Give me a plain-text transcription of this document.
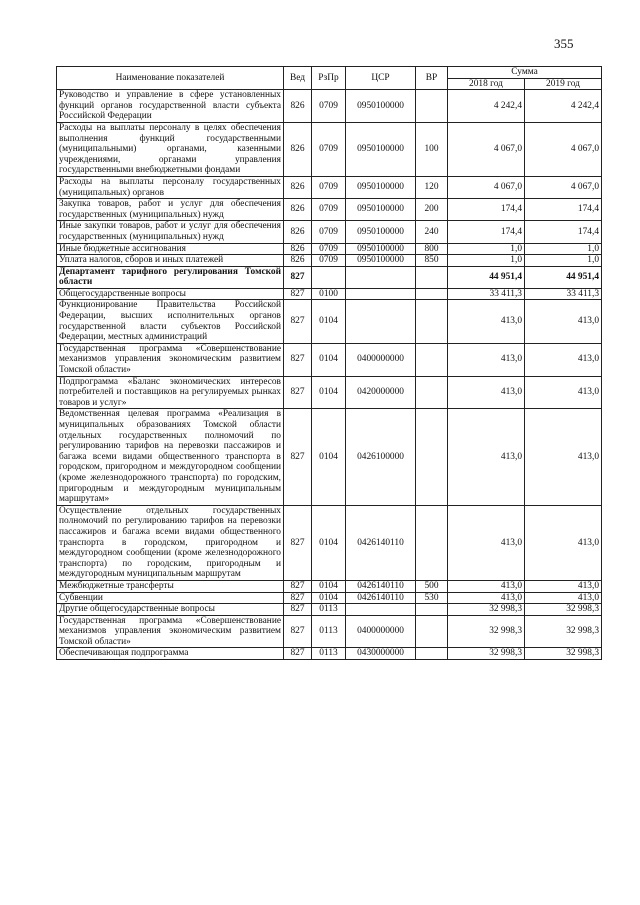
355
Наименование показателей	Вед	РзПр	ЦСР	ВР	Сумма	
					2018 год	2019 год
Руководство и управление в сфере установленных функций органов государственной власти субъекта Российской Федерации	826	0709	0950100000		4 242,4	4 242,4
Расходы на выплаты персоналу в целях обеспечения выполнения функций государственными (муниципальными) органами, казенными учреждениями, органами управления государственными внебюджетными фондами	826	0709	0950100000	100	4 067,0	4 067,0
Расходы на выплаты персоналу государственных (муниципальных) органов	826	0709	0950100000	120	4 067,0	4 067,0
Закупка товаров, работ и услуг для обеспечения государственных (муниципальных) нужд	826	0709	0950100000	200	174,4	174,4
Иные закупки товаров, работ и услуг для обеспечения государственных (муниципальных) нужд	826	0709	0950100000	240	174,4	174,4
Иные бюджетные ассигнования	826	0709	0950100000	800	1,0	1,0
Уплата налогов, сборов и иных платежей	826	0709	0950100000	850	1,0	1,0
Департамент тарифного регулирования Томской области	827				44 951,4	44 951,4
Общегосударственные вопросы	827	0100			33 411,3	33 411,3
Функционирование Правительства Российской Федерации, высших исполнительных органов государственной власти субъектов Российской Федерации, местных администраций	827	0104			413,0	413,0
Государственная программа «Совершенствование механизмов управления экономическим развитием Томской области»	827	0104	0400000000		413,0	413,0
Подпрограмма «Баланс экономических интересов потребителей и поставщиков на регулируемых рынках товаров и услуг»	827	0104	0420000000		413,0	413,0
Ведомственная целевая программа «Реализация в муниципальных образованиях Томской области отдельных государственных полномочий по регулированию тарифов на перевозки пассажиров и багажа всеми видами общественного транспорта в городском, пригородном и междугородном сообщении (кроме железнодорожного транспорта) по городским, пригородным и междугородным муниципальным маршрутам»	827	0104	0426100000		413,0	413,0
Осуществление отдельных государственных полномочий по регулированию тарифов на перевозки пассажиров и багажа всеми видами общественного транспорта в городском, пригородном и междугородном сообщении (кроме железнодорожного транспорта) по городским, пригородным и междугородным муниципальным маршрутам	827	0104	0426140110		413,0	413,0
Межбюджетные трансферты	827	0104	0426140110	500	413,0	413,0
Субвенции	827	0104	0426140110	530	413,0	413,0
Другие общегосударственные вопросы	827	0113			32 998,3	32 998,3
Государственная программа «Совершенствование механизмов управления экономическим развитием Томской области»	827	0113	0400000000		32 998,3	32 998,3
Обеспечивающая подпрограмма	827	0113	0430000000		32 998,3	32 998,3
